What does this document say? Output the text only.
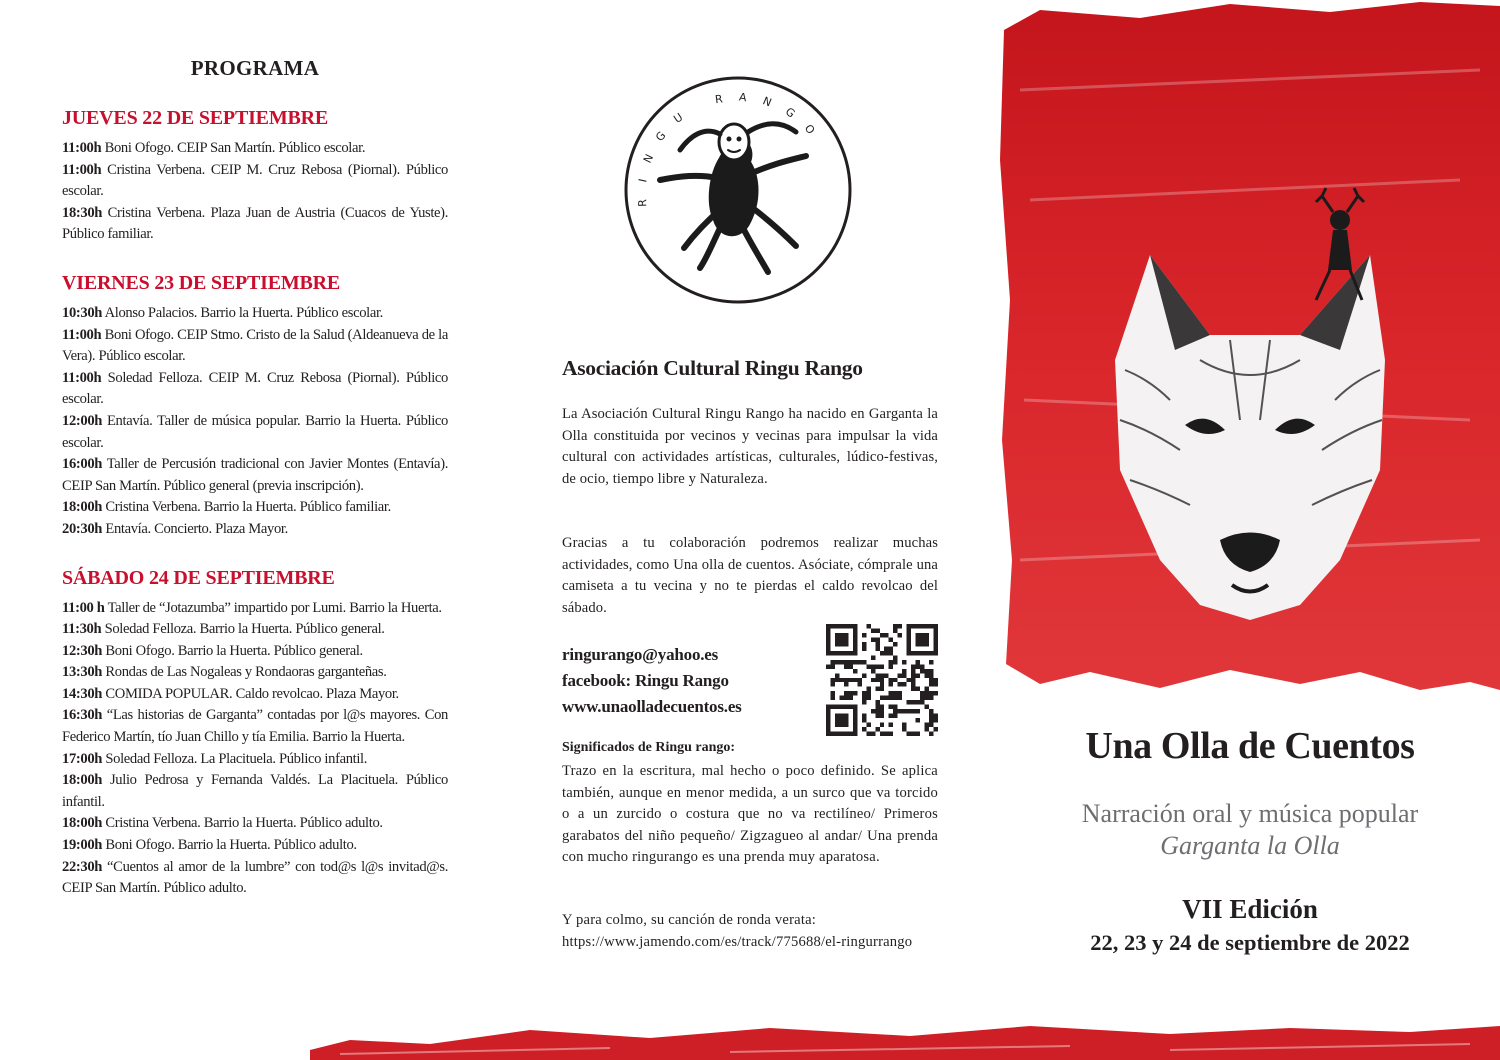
PROGRAMA
JUEVES 22 DE SEPTIEMBRE
11:00h Boni Ofogo. CEIP San Martín. Público escolar.
11:00h Cristina Verbena. CEIP M. Cruz Rebosa (Piornal). Público escolar.
18:30h Cristina Verbena. Plaza Juan de Austria (Cuacos de Yuste). Público familiar.
VIERNES 23 DE SEPTIEMBRE
10:30h Alonso Palacios. Barrio la Huerta. Público escolar.
11:00h Boni Ofogo. CEIP Stmo. Cristo de la Salud (Aldeanueva de la Vera). Público escolar.
11:00h Soledad Felloza. CEIP M. Cruz Rebosa (Piornal). Público escolar.
12:00h Entavía. Taller de música popular. Barrio la Huerta. Público escolar.
16:00h Taller de Percusión tradicional con Javier Montes (Entavía). CEIP San Martín. Público general (previa inscripción).
18:00h Cristina Verbena. Barrio la Huerta. Público familiar.
20:30h Entavía. Concierto. Plaza Mayor.
SÁBADO 24 DE SEPTIEMBRE
11:00 h Taller de “Jotazumba” impartido por Lumi. Barrio la Huerta.
11:30h Soledad Felloza. Barrio la Huerta. Público general.
12:30h Boni Ofogo. Barrio la Huerta. Público general.
13:30h Rondas de Las Nogaleas y Rondaoras garganteñas.
14:30h COMIDA POPULAR. Caldo revolcao. Plaza Mayor.
16:30h “Las historias de Garganta” contadas por l@s mayores. Con Federico Martín, tío Juan Chillo y tía Emilia. Barrio la Huerta.
17:00h Soledad Felloza. La Placituela. Público infantil.
18:00h Julio Pedrosa y Fernanda Valdés. La Placituela. Público infantil.
18:00h Cristina Verbena. Barrio la Huerta. Público adulto.
19:00h Boni Ofogo. Barrio la Huerta. Público adulto.
22:30h “Cuentos al amor de la lumbre” con tod@s l@s invitad@s. CEIP San Martín. Público adulto.
RINGU RANGO
Asociación Cultural Ringu Rango

La Asociación Cultural Ringu Rango ha nacido en Garganta la Olla constituida por vecinos y vecinas para impulsar la vida cultural con actividades artísticas, culturales, lúdico-festivas, de ocio, tiempo libre y Naturaleza.

Gracias a tu colaboración podremos realizar muchas actividades, como Una olla de cuentos. Asóciate, cómprale una camiseta a tu vecina y no te pierdas el caldo revolcao del sábado.

ringurango@yahoo.es
facebook: Ringu Rango
www.unaolladecuentos.es
Significados de Ringu rango:

Trazo en la escritura, mal hecho o poco definido. Se aplica también, aunque en menor medida, a un surco que va torcido o a un zurcido o costura que no va rectilíneo/ Primeros garabatos del niño pequeño/ Zigzagueo al andar/ Una prenda con mucho ringurango es una prenda muy aparatosa.

Y para colmo, su canción de ronda verata:
https://www.jamendo.com/es/track/775688/el-ringurrango
Una Olla de Cuentos
Narración oral y música popular
Garganta la Olla
VII Edición
22, 23 y 24 de septiembre de 2022
